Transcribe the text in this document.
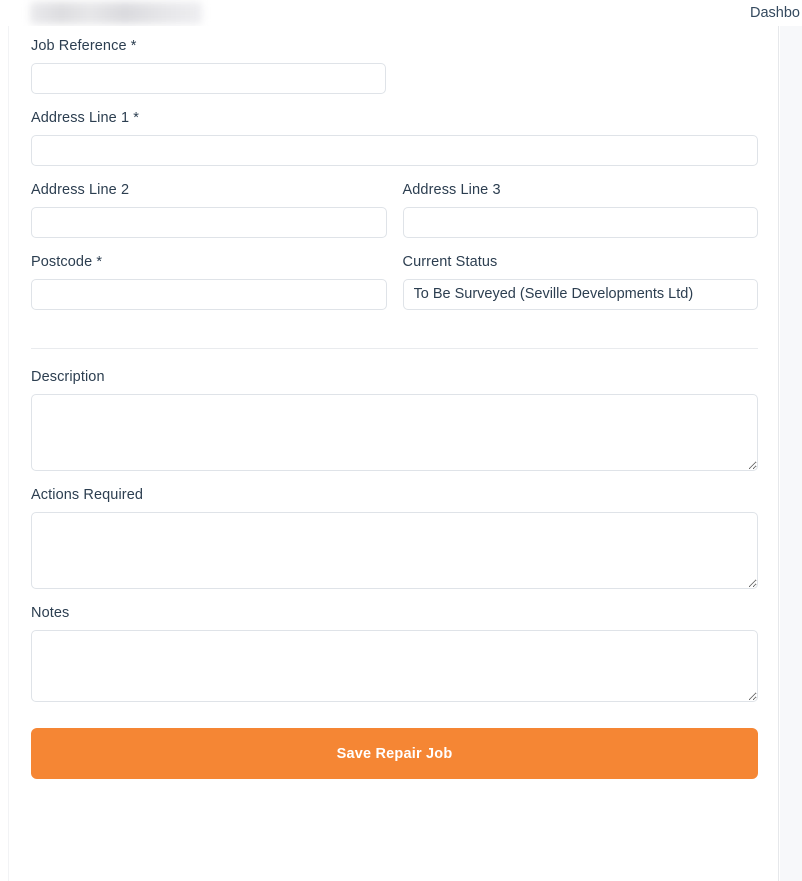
Dashbo
Job Reference *
Address Line 1 *
Address Line 2	Address Line 3
Postcode *	Current Status
To Be Surveyed (Seville Developments Ltd)
Description
Actions Required
Notes
Save Repair Job
